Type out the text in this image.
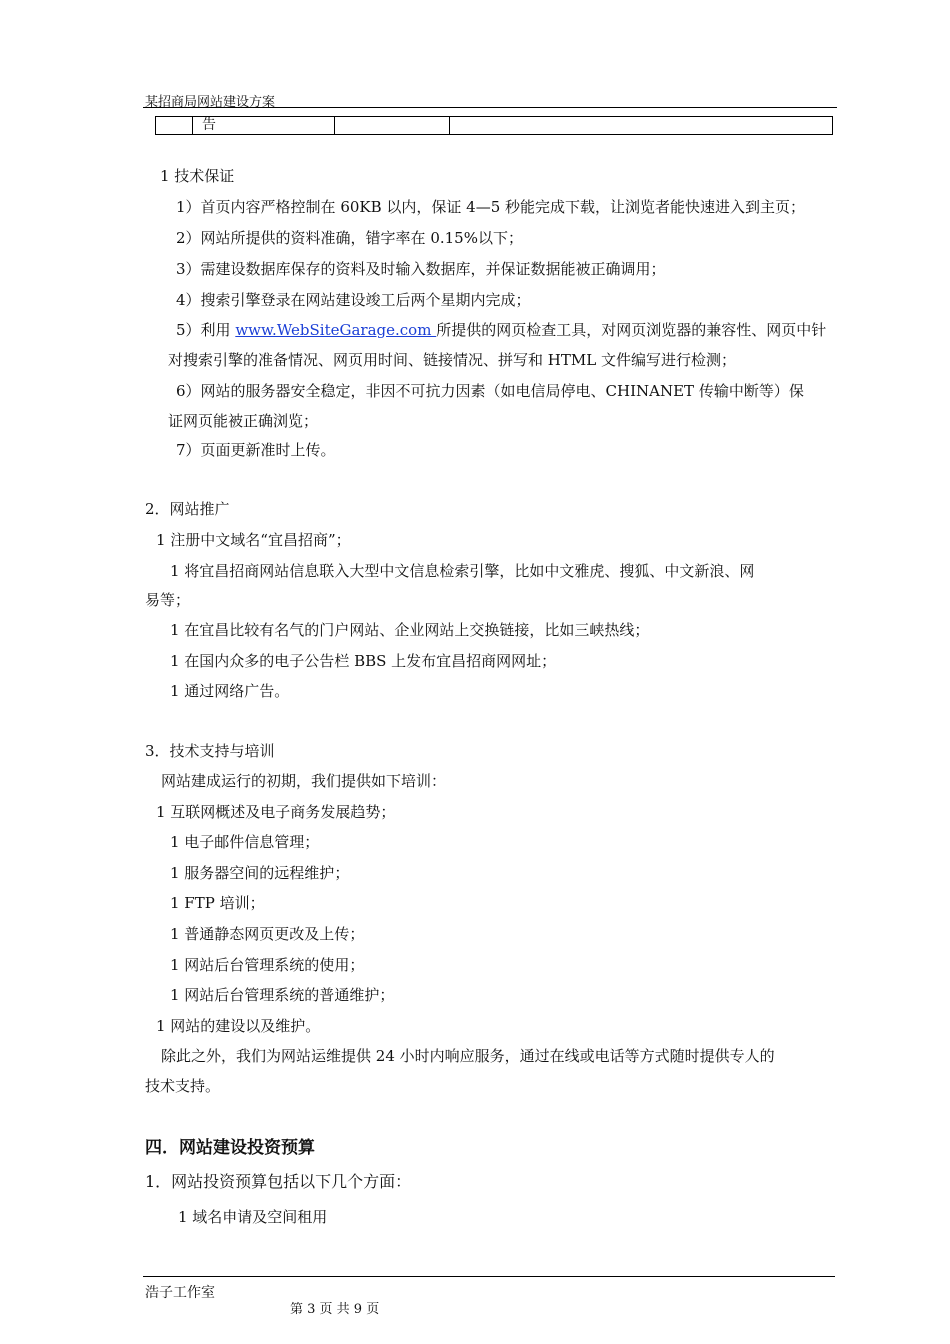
某招商局网站建设方案
	告		
1 技术保证
1）首页内容严格控制在 60KB 以内，保证 4—5 秒能完成下载，让浏览者能快速进入到主页；
2）网站所提供的资料准确，错字率在 0.15%以下；
3）需建设数据库保存的资料及时输入数据库，并保证数据能被正确调用；
4）搜索引擎登录在网站建设竣工后两个星期内完成；
5）利用 www.WebSiteGarage.com 所提供的网页检查工具，对网页浏览器的兼容性、网页中针
对搜索引擎的准备情况、网页用时间、链接情况、拼写和 HTML 文件编写进行检测；
6）网站的服务器安全稳定，非因不可抗力因素（如电信局停电、CHINANET 传输中断等）保
证网页能被正确浏览；
7）页面更新准时上传。
2．网站推广
1 注册中文域名“宜昌招商”；
1 将宜昌招商网站信息联入大型中文信息检索引擎，比如中文雅虎、搜狐、中文新浪、网
易等；
1 在宜昌比较有名气的门户网站、企业网站上交换链接，比如三峡热线；
1 在国内众多的电子公告栏 BBS 上发布宜昌招商网网址；
1 通过网络广告。
3．技术支持与培训
网站建成运行的初期，我们提供如下培训：
1 互联网概述及电子商务发展趋势；
1 电子邮件信息管理；
1 服务器空间的远程维护；
1 FTP 培训；
1 普通静态网页更改及上传；
1 网站后台管理系统的使用；
1 网站后台管理系统的普通维护；
1 网站的建设以及维护。
除此之外，我们为网站运维提供 24 小时内响应服务，通过在线或电话等方式随时提供专人的
技术支持。
四．网站建设投资预算
1．网站投资预算包括以下几个方面：
1 域名申请及空间租用
浩子工作室
第 3 页 共 9 页
